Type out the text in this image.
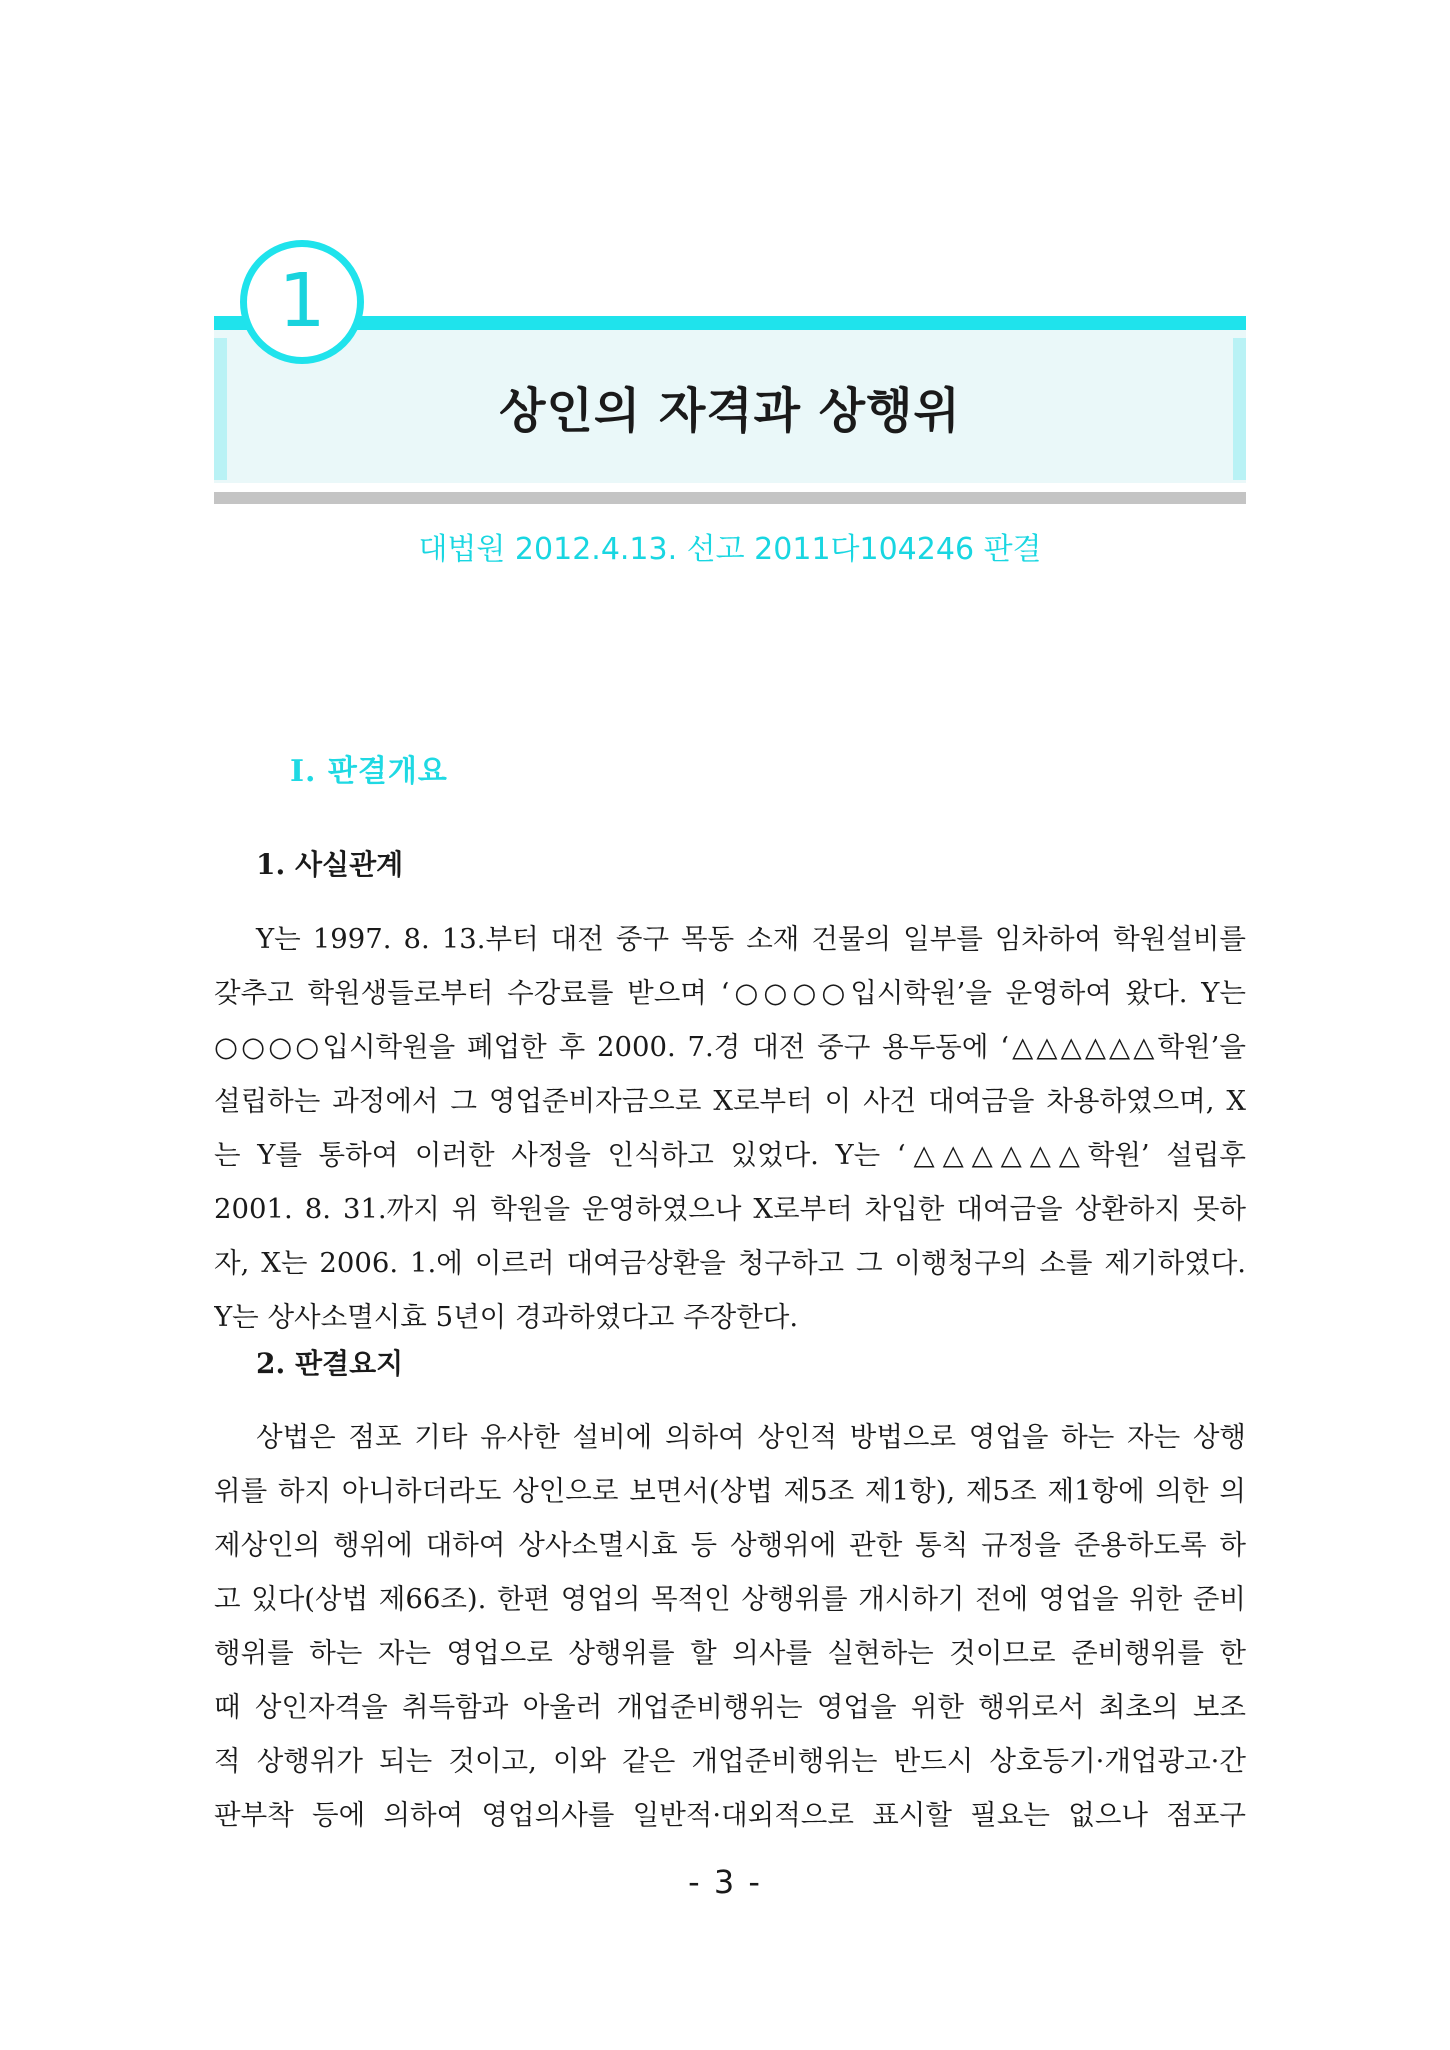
상인의 자격과 상행위
1
대법원 2012.4.13. 선고 2011다104246 판결
Ⅰ. 판결개요
1. 사실관계
Y는 1997. 8. 13.부터 대전 중구 목동 소재 건물의 일부를 임차하여 학원설비를
갖추고 학원생들로부터 수강료를 받으며 ‘○○○○입시학원’을 운영하여 왔다. Y는
○○○○입시학원을 폐업한 후 2000. 7.경 대전 중구 용두동에 ‘△△△△△△학원’을
설립하는 과정에서 그 영업준비자금으로 X로부터 이 사건 대여금을 차용하였으며, X
는 Y를 통하여 이러한 사정을 인식하고 있었다. Y는 ‘△△△△△△학원’ 설립후
2001. 8. 31.까지 위 학원을 운영하였으나 X로부터 차입한 대여금을 상환하지 못하
자, X는 2006. 1.에 이르러 대여금상환을 청구하고 그 이행청구의 소를 제기하였다.
Y는 상사소멸시효 5년이 경과하였다고 주장한다.
2. 판결요지
상법은 점포 기타 유사한 설비에 의하여 상인적 방법으로 영업을 하는 자는 상행
위를 하지 아니하더라도 상인으로 보면서(상법 제5조 제1항), 제5조 제1항에 의한 의
제상인의 행위에 대하여 상사소멸시효 등 상행위에 관한 통칙 규정을 준용하도록 하
고 있다(상법 제66조). 한편 영업의 목적인 상행위를 개시하기 전에 영업을 위한 준비
행위를 하는 자는 영업으로 상행위를 할 의사를 실현하는 것이므로 준비행위를 한
때 상인자격을 취득함과 아울러 개업준비행위는 영업을 위한 행위로서 최초의 보조
적 상행위가 되는 것이고, 이와 같은 개업준비행위는 반드시 상호등기·개업광고·간
판부착 등에 의하여 영업의사를 일반적·대외적으로 표시할 필요는 없으나 점포구
- 3 -
